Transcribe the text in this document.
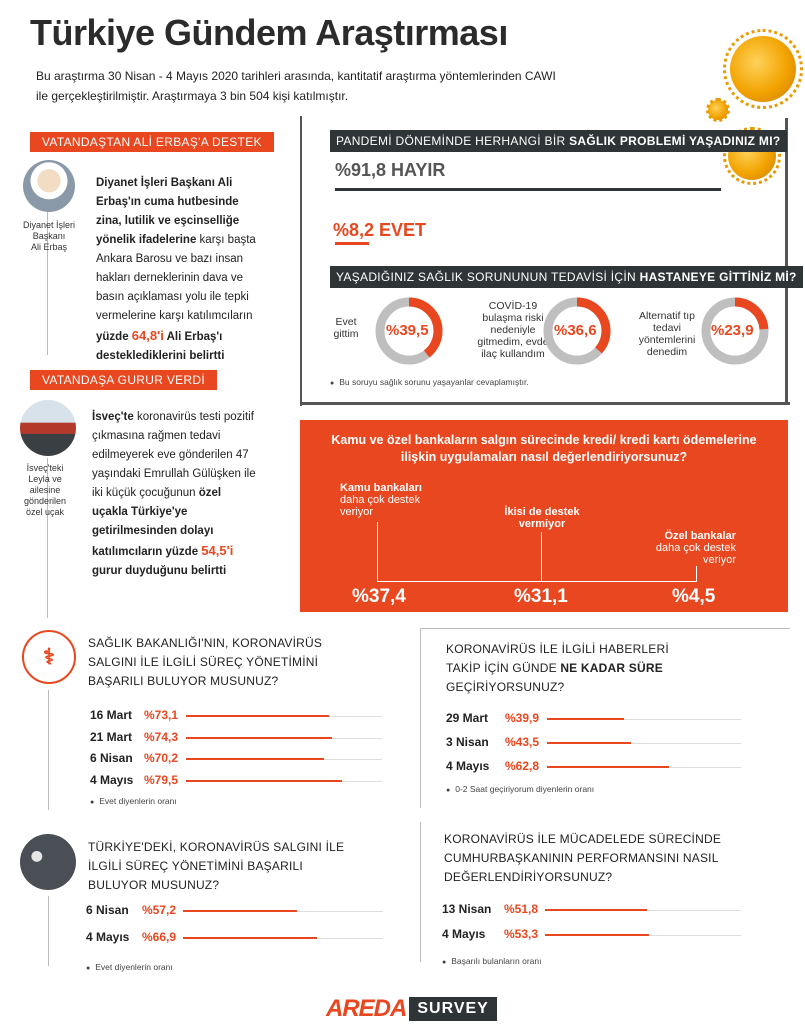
Türkiye Gündem Araştırması
Bu araştırma 30 Nisan - 4 Mayıs 2020 tarihleri arasında, kantitatif araştırma yöntemlerinden CAWI
ile gerçekleştirilmiştir. Araştırmaya 3 bin 504 kişi katılmıştır.
VATANDAŞTAN ALİ ERBAŞ'A DESTEK
Diyanet İşleri
Başkanı
Ali Erbaş
Diyanet İşleri Başkanı Ali Erbaş'ın cuma hutbesinde zina, lutilik ve eşcinselliğe yönelik ifadelerine karşı başta Ankara Barosu ve bazı insan hakları derneklerinin dava ve basın açıklaması yolu ile tepki vermelerine karşı katılımcıların yüzde 64,8'i Ali Erbaş'ı desteklediklerini belirtti
VATANDAŞA GURUR VERDİ
İsveç'teki
Leyla ve
ailesine
gönderilen
özel uçak
İsveç'te koronavirüs testi pozitif çıkmasına rağmen tedavi edilmeyerek eve gönderilen 47 yaşındaki Emrullah Gülüşken ile iki küçük çocuğunun özel uçakla Türkiye'ye getirilmesinden dolayı katılımcıların yüzde 54,5'i gurur duyduğunu belirtti
PANDEMİ DÖNEMİNDE HERHANGİ BİR SAĞLIK PROBLEMİ YAŞADINIZ MI?
%91,8 HAYIR
%8,2 EVET
YAŞADIĞINIZ SAĞLIK SORUNUNUN TEDAVİSİ İÇİN HASTANEYE GİTTİNİZ Mİ?
Evet gittim	%39,5
COVİD-19 bulaşma riski nedeniyle gitmedim, evde ilaç kullandım
%36,6
Alternatif tıp tedavi yöntemlerini denedim
%23,9
● Bu soruyu sağlık sorunu yaşayanlar cevaplamıştır.
Kamu ve özel bankaların salgın sürecinde kredi/ kredi kartı ödemelerine ilişkin uygulamaları nasıl değerlendiriyorsunuz?
Kamu bankaları
daha çok destek veriyor	İkisi de destek vermiyor
Özel bankalar
daha çok destek veriyor
%37,4	%31,1	%4,5
⚕
SAĞLIK BAKANLIĞI'NIN, KORONAVİRÜS
SALGINI İLE İLGİLİ SÜREÇ YÖNETİMİNİ
BAŞARILI BULUYOR MUSUNUZ?
16 Mart %73,1
21 Mart %74,3
6 Nisan %70,2
4 Mayıs %79,5
● Evet diyenlerin oranı
KORONAVİRÜS İLE İLGİLİ HABERLERİ
TAKİP İÇİN GÜNDE NE KADAR SÜRE
GEÇİRİYORSUNUZ?
29 Mart %39,9
3 Nisan %43,5
4 Mayıs %62,8
● 0-2 Saat geçiriyorum diyenlerin oranı
TÜRKİYE'DEKİ, KORONAVİRÜS SALGINI İLE
İLGİLİ SÜREÇ YÖNETİMİNİ BAŞARILI
BULUYOR MUSUNUZ?
6 Nisan %57,2
4 Mayıs %66,9
● Evet diyenlerin oranı
KORONAVİRÜS İLE MÜCADELEDE SÜRECİNDE
CUMHURBAŞKANININ PERFORMANSINI NASIL
DEĞERLENDİRİYORSUNUZ?
13 Nisan %51,8
4 Mayıs %53,3
● Başarılı bulanların oranı
AREDA SURVEY
